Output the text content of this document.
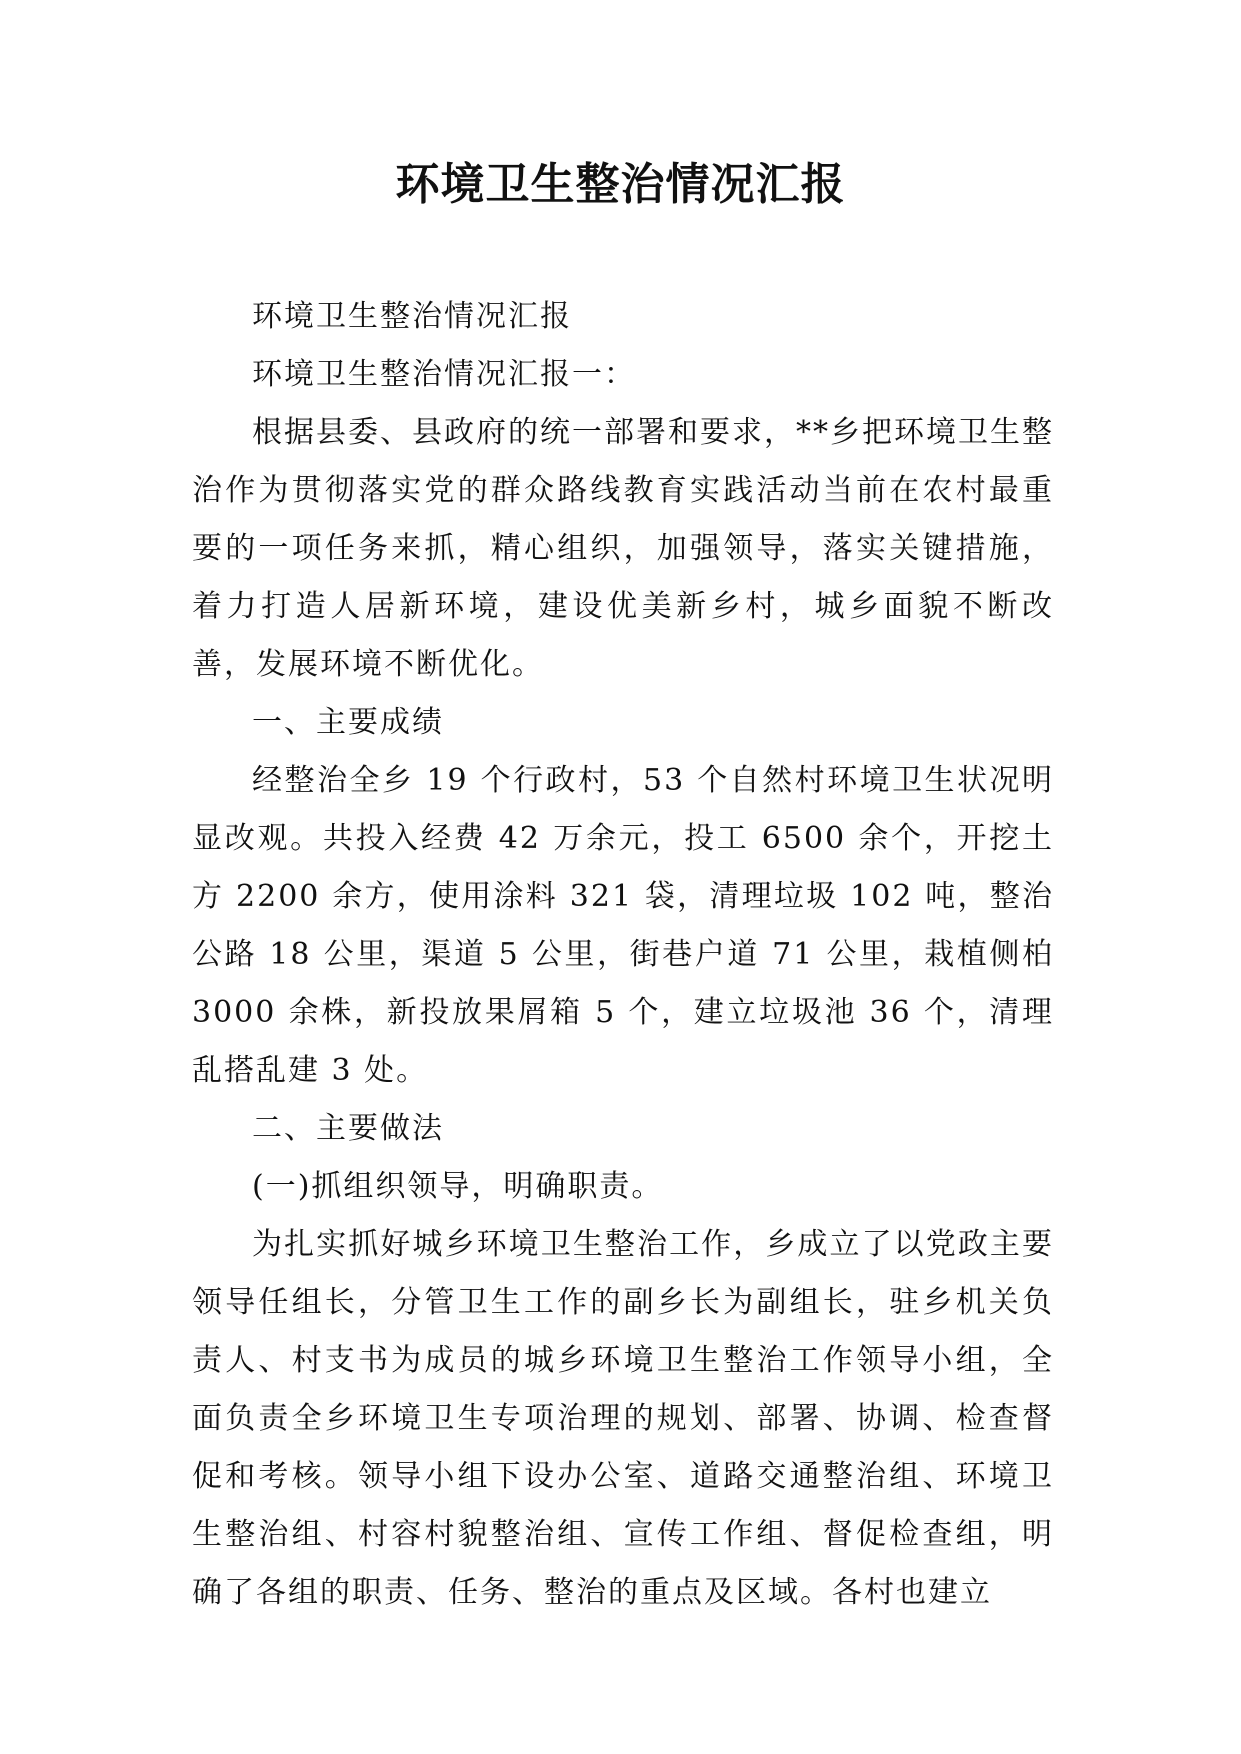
环境卫生整治情况汇报

环境卫生整治情况汇报

环境卫生整治情况汇报一：

根据县委、县政府的统一部署和要求，**乡把环境卫生整治作为贯彻落实党的群众路线教育实践活动当前在农村最重要的一项任务来抓，精心组织，加强领导，落实关键措施，着力打造人居新环境，建设优美新乡村，城乡面貌不断改善，发展环境不断优化。

一、主要成绩

经整治全乡 19 个行政村，53 个自然村环境卫生状况明显改观。共投入经费 42 万余元，投工 6500 余个，开挖土方 2200 余方，使用涂料 321 袋，清理垃圾 102 吨，整治公路 18 公里，渠道 5 公里，街巷户道 71 公里，栽植侧柏 3000 余株，新投放果屑箱 5 个，建立垃圾池 36 个，清理乱搭乱建 3 处。

二、主要做法

(一)抓组织领导，明确职责。

为扎实抓好城乡环境卫生整治工作，乡成立了以党政主要领导任组长，分管卫生工作的副乡长为副组长，驻乡机关负责人、村支书为成员的城乡环境卫生整治工作领导小组，全面负责全乡环境卫生专项治理的规划、部署、协调、检查督促和考核。领导小组下设办公室、道路交通整治组、环境卫生整治组、村容村貌整治组、宣传工作组、督促检查组，明确了各组的职责、任务、整治的重点及区域。各村也建立
